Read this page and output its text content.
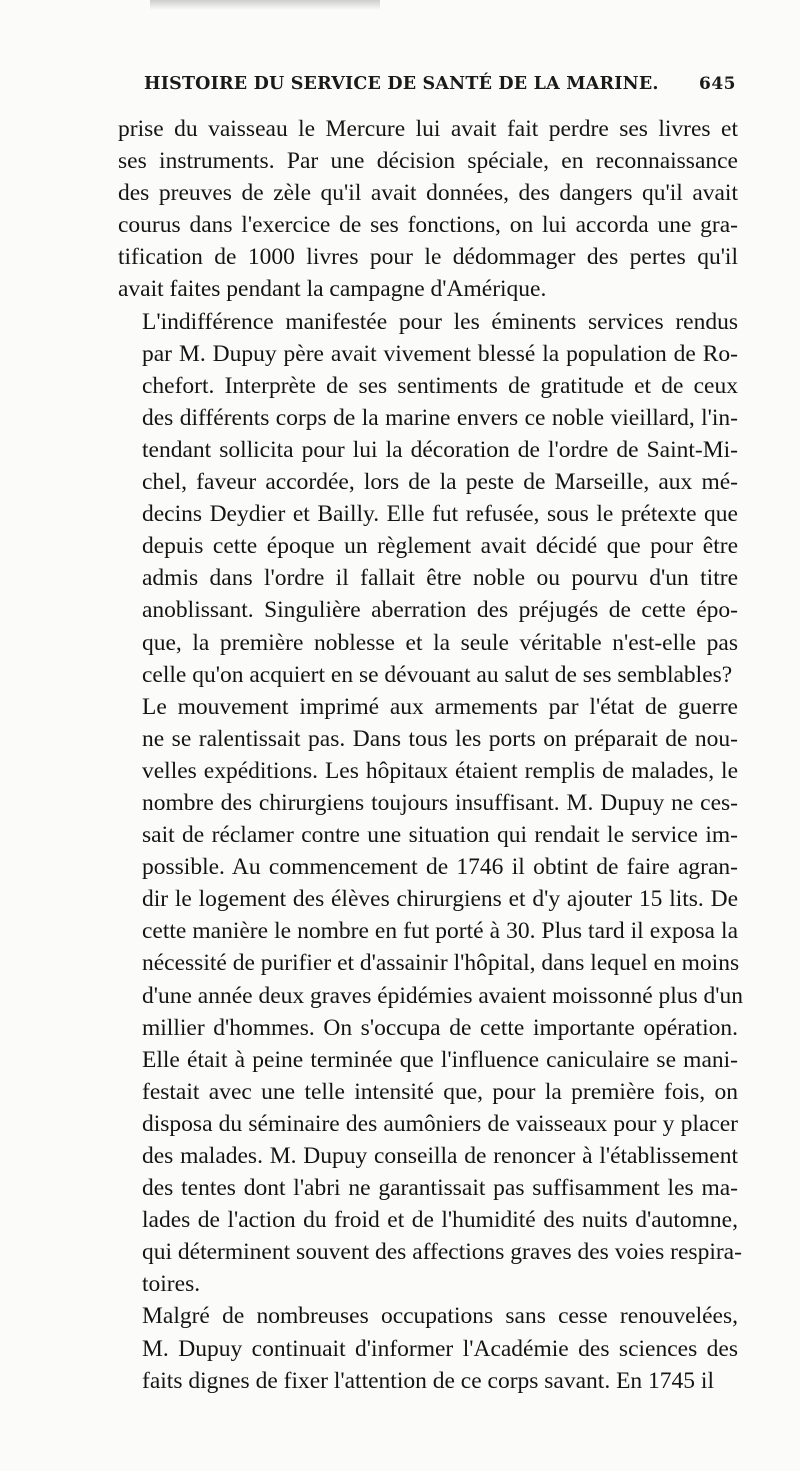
HISTOIRE DU SERVICE DE SANTÉ DE LA MARINE. 645

prise du vaisseau le Mercure lui avait fait perdre ses livres et
ses instruments. Par une décision spéciale, en reconnaissance
des preuves de zèle qu'il avait données, des dangers qu'il avait
courus dans l'exercice de ses fonctions, on lui accorda une gra-
tification de 1000 livres pour le dédommager des pertes qu'il
avait faites pendant la campagne d'Amérique.

L'indifférence manifestée pour les éminents services rendus
par M. Dupuy père avait vivement blessé la population de Ro-
chefort. Interprète de ses sentiments de gratitude et de ceux
des différents corps de la marine envers ce noble vieillard, l'in-
tendant sollicita pour lui la décoration de l'ordre de Saint-Mi-
chel, faveur accordée, lors de la peste de Marseille, aux mé-
decins Deydier et Bailly. Elle fut refusée, sous le prétexte que
depuis cette époque un règlement avait décidé que pour être
admis dans l'ordre il fallait être noble ou pourvu d'un titre
anoblissant. Singulière aberration des préjugés de cette épo-
que, la première noblesse et la seule véritable n'est-elle pas
celle qu'on acquiert en se dévouant au salut de ses semblables?

Le mouvement imprimé aux armements par l'état de guerre
ne se ralentissait pas. Dans tous les ports on préparait de nou-
velles expéditions. Les hôpitaux étaient remplis de malades, le
nombre des chirurgiens toujours insuffisant. M. Dupuy ne ces-
sait de réclamer contre une situation qui rendait le service im-
possible. Au commencement de 1746 il obtint de faire agran-
dir le logement des élèves chirurgiens et d'y ajouter 15 lits. De
cette manière le nombre en fut porté à 30. Plus tard il exposa la
nécessité de purifier et d'assainir l'hôpital, dans lequel en moins
d'une année deux graves épidémies avaient moissonné plus d'un
millier d'hommes. On s'occupa de cette importante opération.
Elle était à peine terminée que l'influence caniculaire se mani-
festait avec une telle intensité que, pour la première fois, on
disposa du séminaire des aumôniers de vaisseaux pour y placer
des malades. M. Dupuy conseilla de renoncer à l'établissement
des tentes dont l'abri ne garantissait pas suffisamment les ma-
lades de l'action du froid et de l'humidité des nuits d'automne,
qui déterminent souvent des affections graves des voies respira-
toires.

Malgré de nombreuses occupations sans cesse renouvelées,
M. Dupuy continuait d'informer l'Académie des sciences des
faits dignes de fixer l'attention de ce corps savant. En 1745 il
